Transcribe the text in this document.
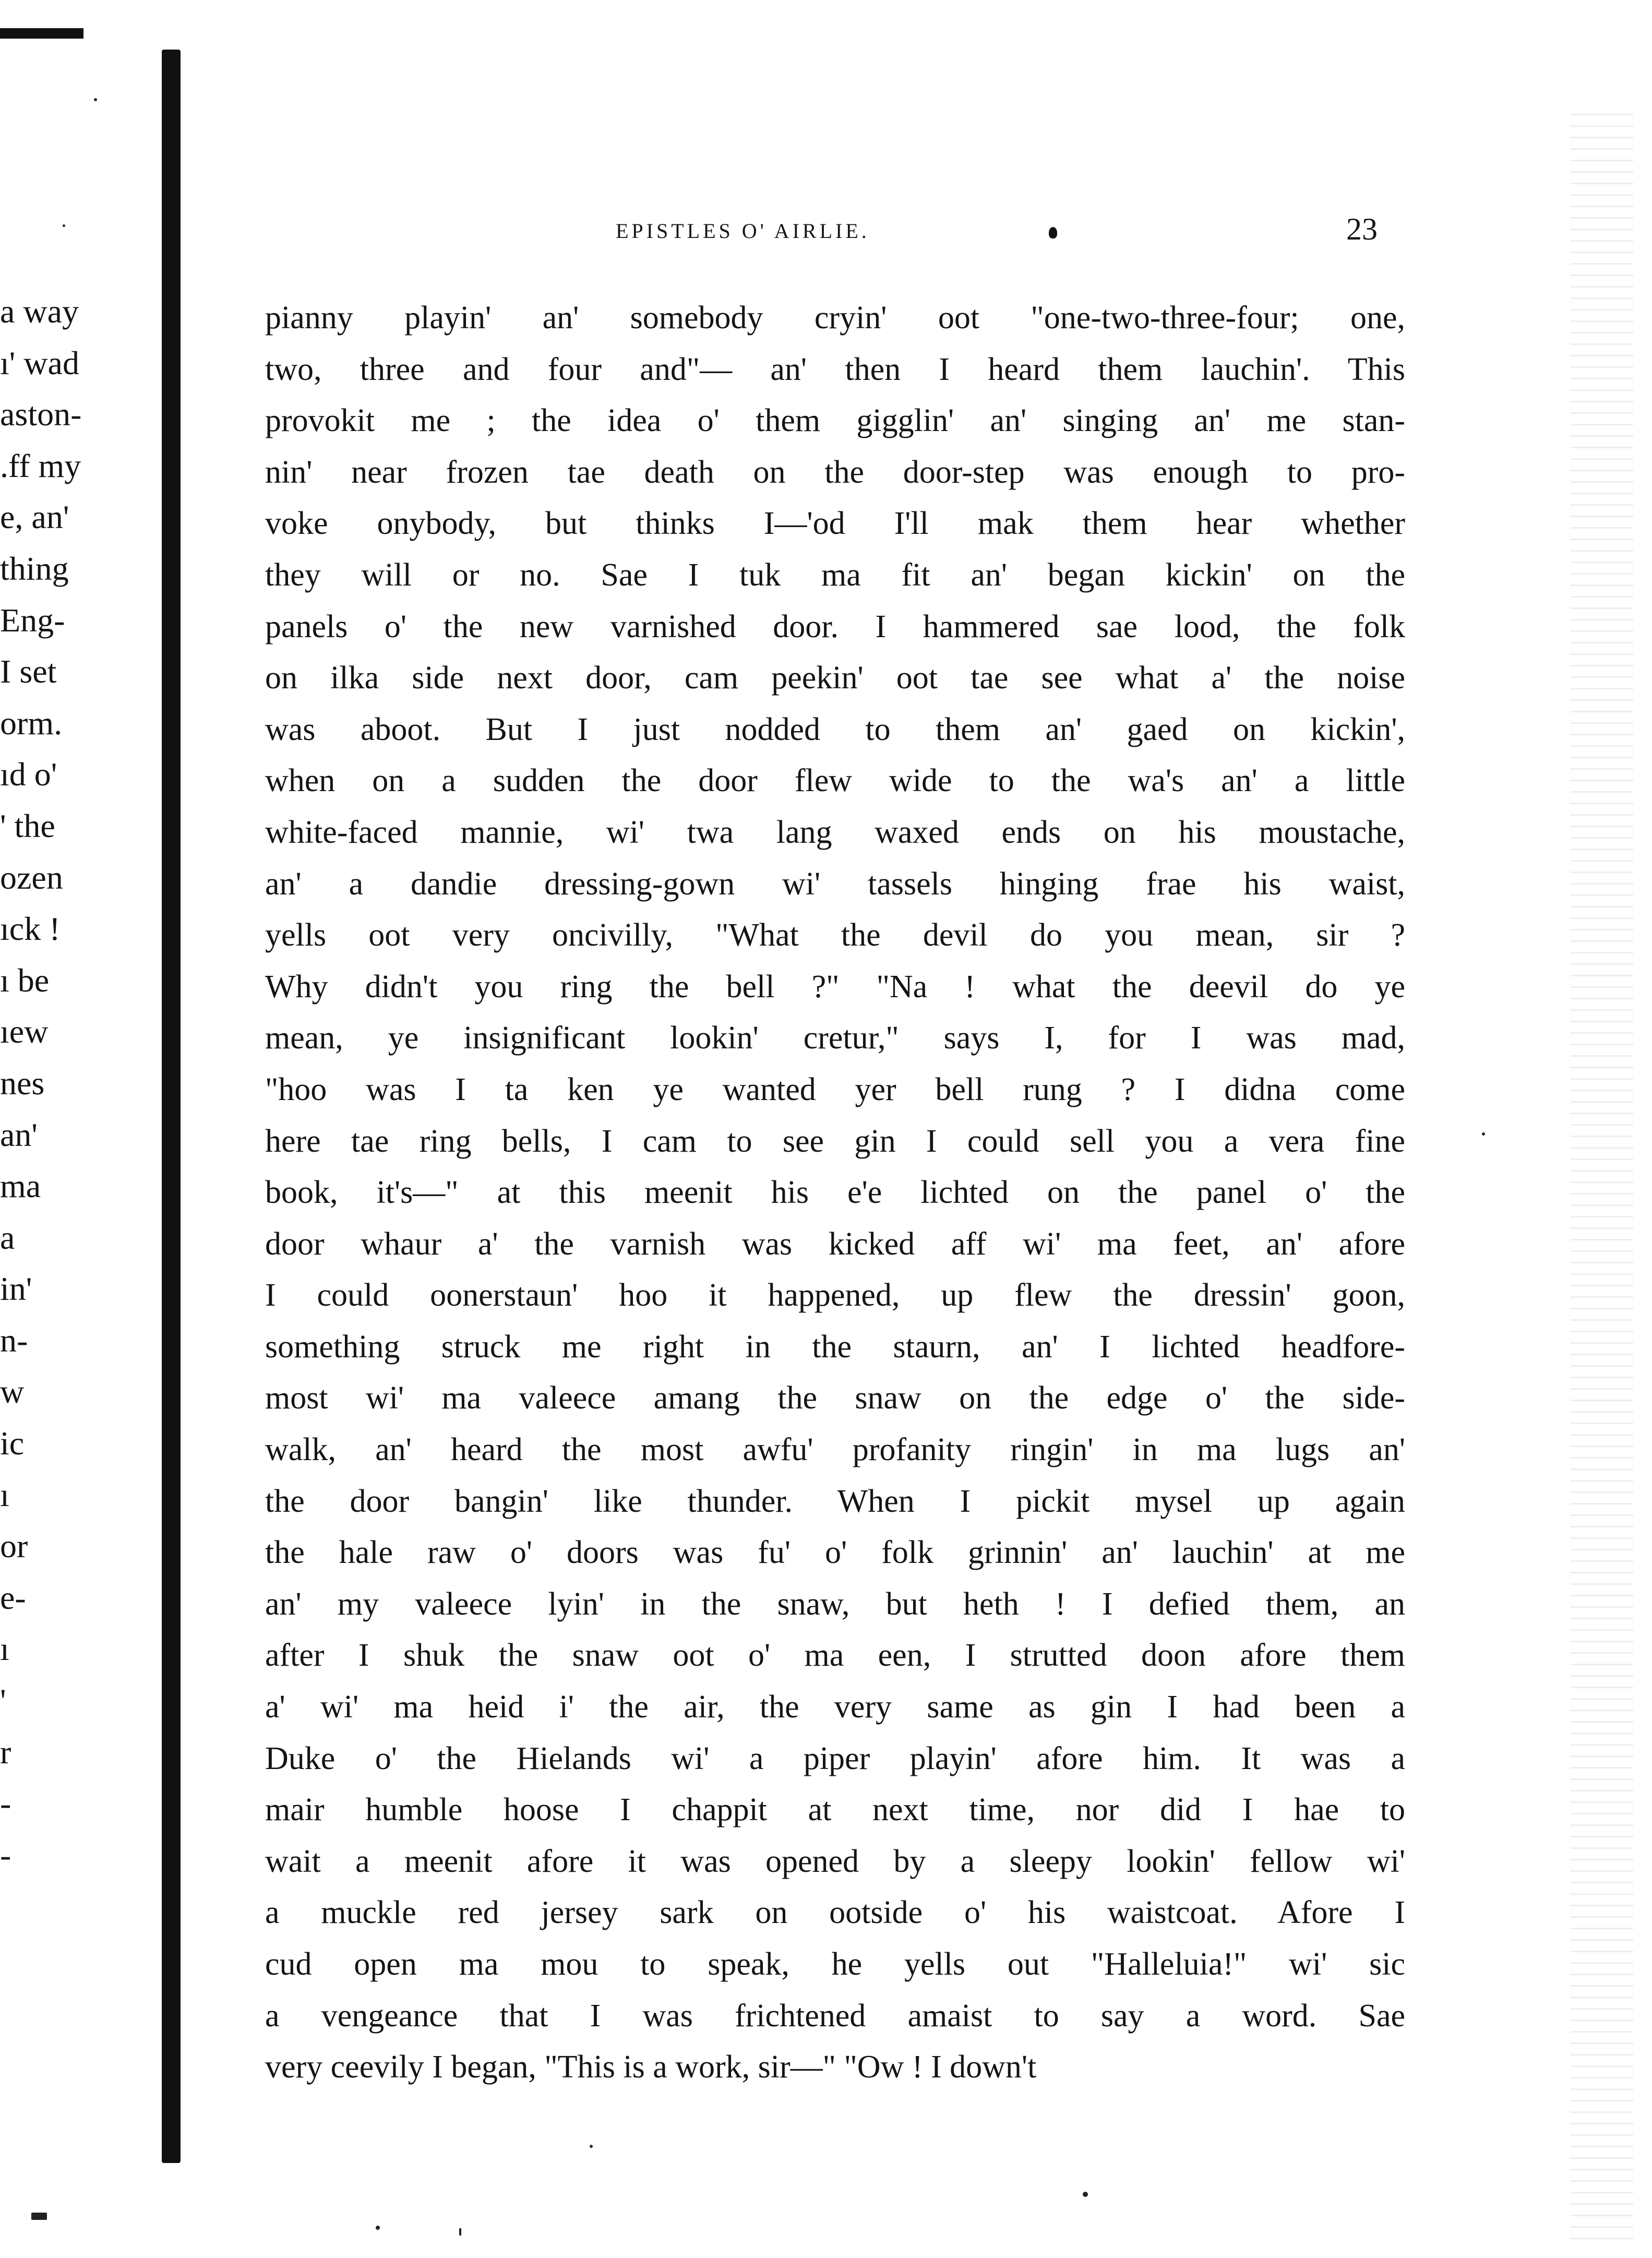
a way
ı' wad
aston-
.ff my
e, an'
thing
Eng-
I set
orm.
ıd o'
' the
ozen
ıck !
ı be
ıew
nes
an'
ma
a
in'
n-
w
ic
ı
or
e-
ı
'
r
-
-
EPISTLES O' AIRLIE.	23
pianny playin' an' somebody cryin' oot "one-two-three-four; one,
two, three and four and"— an' then I heard them lauchin'. This
provokit me ; the idea o' them gigglin' an' singing an' me stan-
nin' near frozen tae death on the door-step was enough to pro-
voke onybody, but thinks I—'od I'll mak them hear whether
they will or no. Sae I tuk ma fit an' began kickin' on the
panels o' the new varnished door. I hammered sae lood, the folk
on ilka side next door, cam peekin' oot tae see what a' the noise
was aboot. But I just nodded to them an' gaed on kickin',
when on a sudden the door flew wide to the wa's an' a little
white-faced mannie, wi' twa lang waxed ends on his moustache,
an' a dandie dressing-gown wi' tassels hinging frae his waist,
yells oot very oncivilly, "What the devil do you mean, sir ?
Why didn't you ring the bell ?" "Na ! what the deevil do ye
mean, ye insignificant lookin' cretur," says I, for I was mad,
"hoo was I ta ken ye wanted yer bell rung ? I didna come
here tae ring bells, I cam to see gin I could sell you a vera fine
book, it's—" at this meenit his e'e lichted on the panel o' the
door whaur a' the varnish was kicked aff wi' ma feet, an' afore
I could oonerstaun' hoo it happened, up flew the dressin' goon,
something struck me right in the staurn, an' I lichted headfore-
most wi' ma valeece amang the snaw on the edge o' the side-
walk, an' heard the most awfu' profanity ringin' in ma lugs an'
the door bangin' like thunder. When I pickit mysel up again
the hale raw o' doors was fu' o' folk grinnin' an' lauchin' at me
an' my valeece lyin' in the snaw, but heth ! I defied them, an
after I shuk the snaw oot o' ma een, I strutted doon afore them
a' wi' ma heid i' the air, the very same as gin I had been a
Duke o' the Hielands wi' a piper playin' afore him. It was a
mair humble hoose I chappit at next time, nor did I hae to
wait a meenit afore it was opened by a sleepy lookin' fellow wi'
a muckle red jersey sark on ootside o' his waistcoat. Afore I
cud open ma mou to speak, he yells out "Halleluia!" wi' sic
a vengeance that I was frichtened amaist to say a word. Sae
very ceevily I began, "This is a work, sir—" "Ow ! I down't
